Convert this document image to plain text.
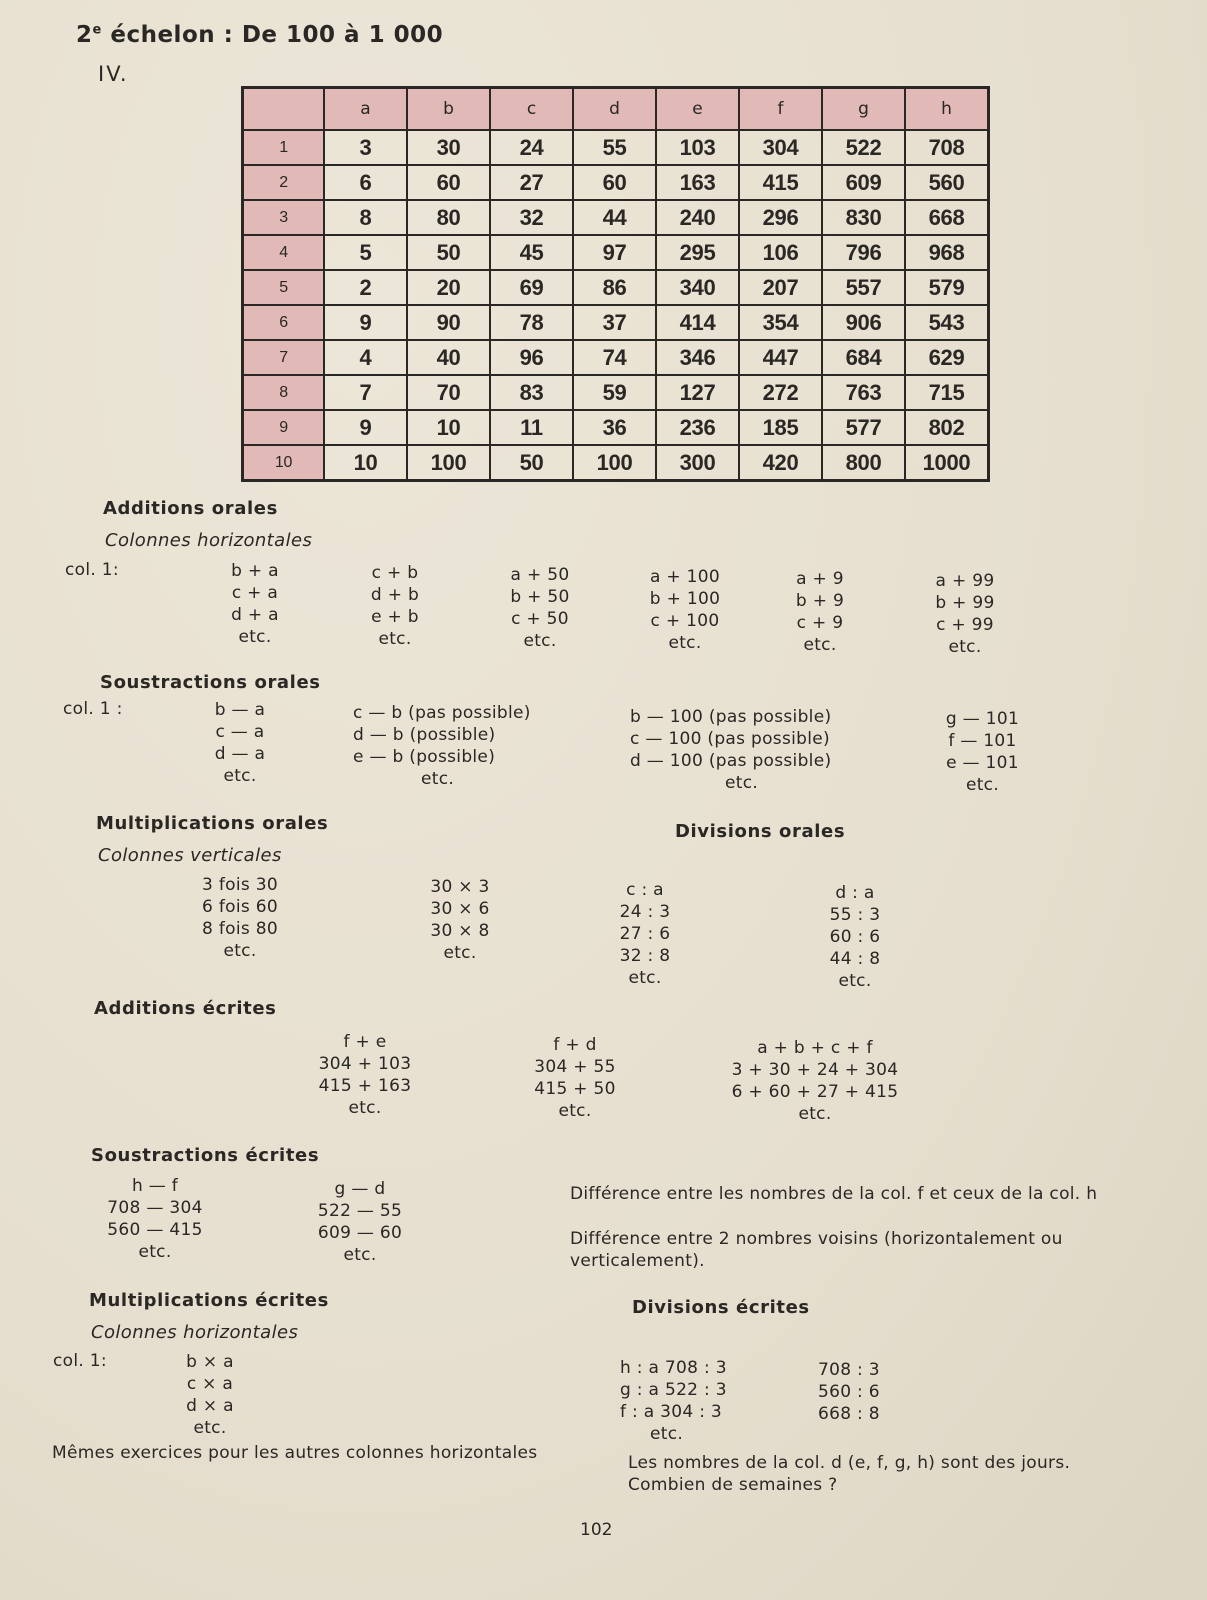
2e échelon : De 100 à 1 000
IV.
	a	b	c	d	e	f	g	h
1	3	30	24	55	103	304	522	708
2	6	60	27	60	163	415	609	560
3	8	80	32	44	240	296	830	668
4	5	50	45	97	295	106	796	968
5	2	20	69	86	340	207	557	579
6	9	90	78	37	414	354	906	543
7	4	40	96	74	346	447	684	629
8	7	70	83	59	127	272	763	715
9	9	10	11	36	236	185	577	802
10	10	100	50	100	300	420	800	1000
Additions orales
Colonnes horizontales
col. 1:	b + a
c + a
d + a
etc.
c + b
d + b
e + b
etc.
a + 50
b + 50
c + 50
etc.
a + 100
b + 100
c + 100
etc.
a + 9
b + 9
c + 9
etc.
a + 99
b + 99
c + 99
etc.
Soustractions orales
col. 1 :	b — a
c — a
d — a
etc.
c — b (pas possible)
d — b (possible)
e — b (possible)
etc.
b — 100 (pas possible)
c — 100 (pas possible)
d — 100 (pas possible)
etc.
g — 101
f — 101
e — 101
etc.
Multiplications orales
Colonnes verticales
3 fois 30
6 fois 60
8 fois 80
etc.
30 × 3
30 × 6
30 × 8
etc.
Divisions orales
c : a
24 : 3
27 : 6
32 : 8
etc.
d : a
55 : 3
60 : 6
44 : 8
etc.
Additions écrites
f + e
304 + 103
415 + 163
etc.
f + d
304 + 55
415 + 50
etc.
a + b + c + f
3 + 30 + 24 + 304
6 + 60 + 27 + 415
etc.
Soustractions écrites
h — f
708 — 304
560 — 415
etc.
g — d
522 — 55
609 — 60
etc.
Différence entre les nombres de la col. f et ceux de la col. h
Différence entre 2 nombres voisins (horizontalement ou
verticalement).
Multiplications écrites
Colonnes horizontales
col. 1:	b × a
c × a
d × a
etc.
Mêmes exercices pour les autres colonnes horizontales
Divisions écrites
h : a 708 : 3
g : a 522 : 3
f : a 304 : 3
etc.
708 : 3
560 : 6
668 : 8
Les nombres de la col. d (e, f, g, h) sont des jours.
Combien de semaines ?
102
